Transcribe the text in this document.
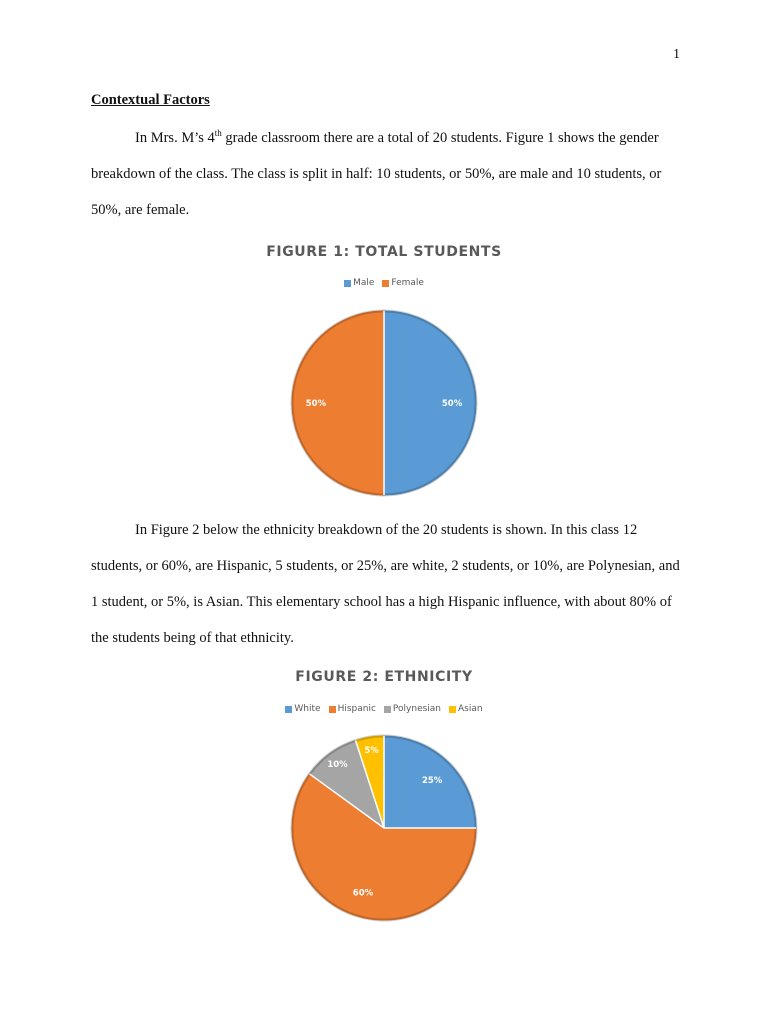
1
Contextual Factors

In Mrs. M’s 4th grade classroom there are a total of 20 students. Figure 1 shows the gender breakdown of the class. The class is split in half: 10 students, or 50%, are male and 10 students, or 50%, are female.

FIGURE 1: TOTAL STUDENTS
Male Female
50%
50%

In Figure 2 below the ethnicity breakdown of the 20 students is shown. In this class 12 students, or 60%, are Hispanic, 5 students, or 25%, are white, 2 students, or 10%, are Polynesian, and 1 student, or 5%, is Asian. This elementary school has a high Hispanic influence, with about 80% of the students being of that ethnicity.

FIGURE 2: ETHNICITY
White Hispanic Polynesian Asian
25%
60%
10%
5%
